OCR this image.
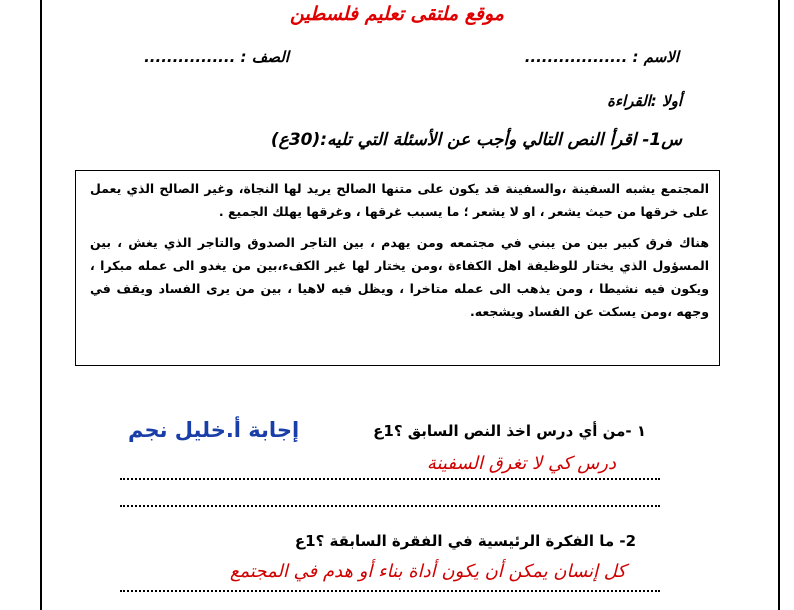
موقع ملتقى تعليم فلسطين
الاسم : ..................
الصف : ................
أولا :القراءة
س1- اقرأ النص التالي وأجب عن الأسئلة التي تليه:(30ع)

المجتمع يشبه السفينة ،والسفينة قد يكون على متنها الصالح يريد لها النجاة، وغير الصالح الذي يعمل على خرقها من حيث يشعر ، او لا يشعر ؛ ما يسبب غرقها ، وغرقها يهلك الجميع .

هناك فرق كبير بين من يبني في مجتمعه ومن يهدم ، بين التاجر الصدوق والتاجر الذي يغش ، بين المسؤول الذي يختار للوظيفة اهل الكفاءة ،ومن يختار لها غير الكفء،بين من يغدو الى عمله مبكرا ، ويكون فيه نشيطا ، ومن يذهب الى عمله متاخرا ، ويظل فيه لاهيا ، بين من يرى الفساد ويقف في وجهه ،ومن يسكت عن الفساد ويشجعه.

إجابة أ.خليل نجم	١ -من أي درس اخذ النص السابق ؟1ع
درس كي لا تغرق السفينة
2- ما الفكرة الرئيسية في الفقرة السابقة ؟1ع
كل إنسان يمكن أن يكون أداة بناء أو هدم في المجتمع
